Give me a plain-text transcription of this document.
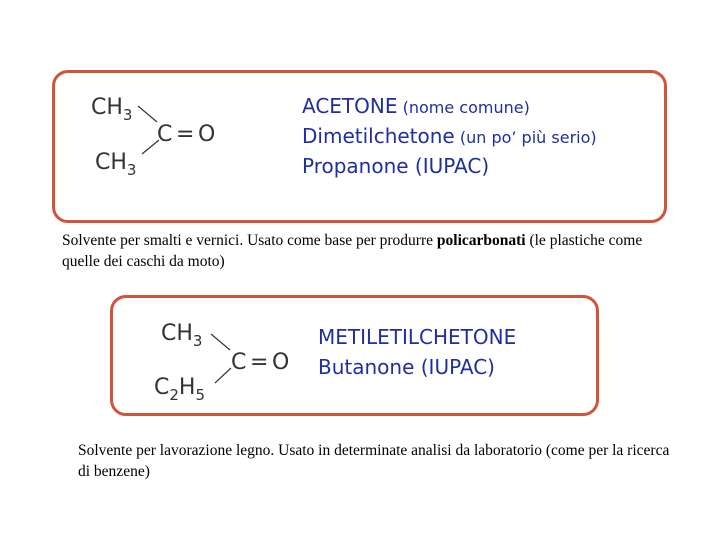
$CH_3$
$CH_3$
C = O
ACETONE (nome comune)
Dimetilchetone (un po’ più serio)
Propanone (IUPAC)
Solvente per smalti e vernici. Usato come base per produrre policarbonati (le plastiche come quelle dei caschi da moto)
$CH_3$
$C_2H_5$
C = O
METILETILCHETONE
Butanone (IUPAC)
Solvente per lavorazione legno. Usato in determinate analisi da laboratorio (come per la ricerca di benzene)
